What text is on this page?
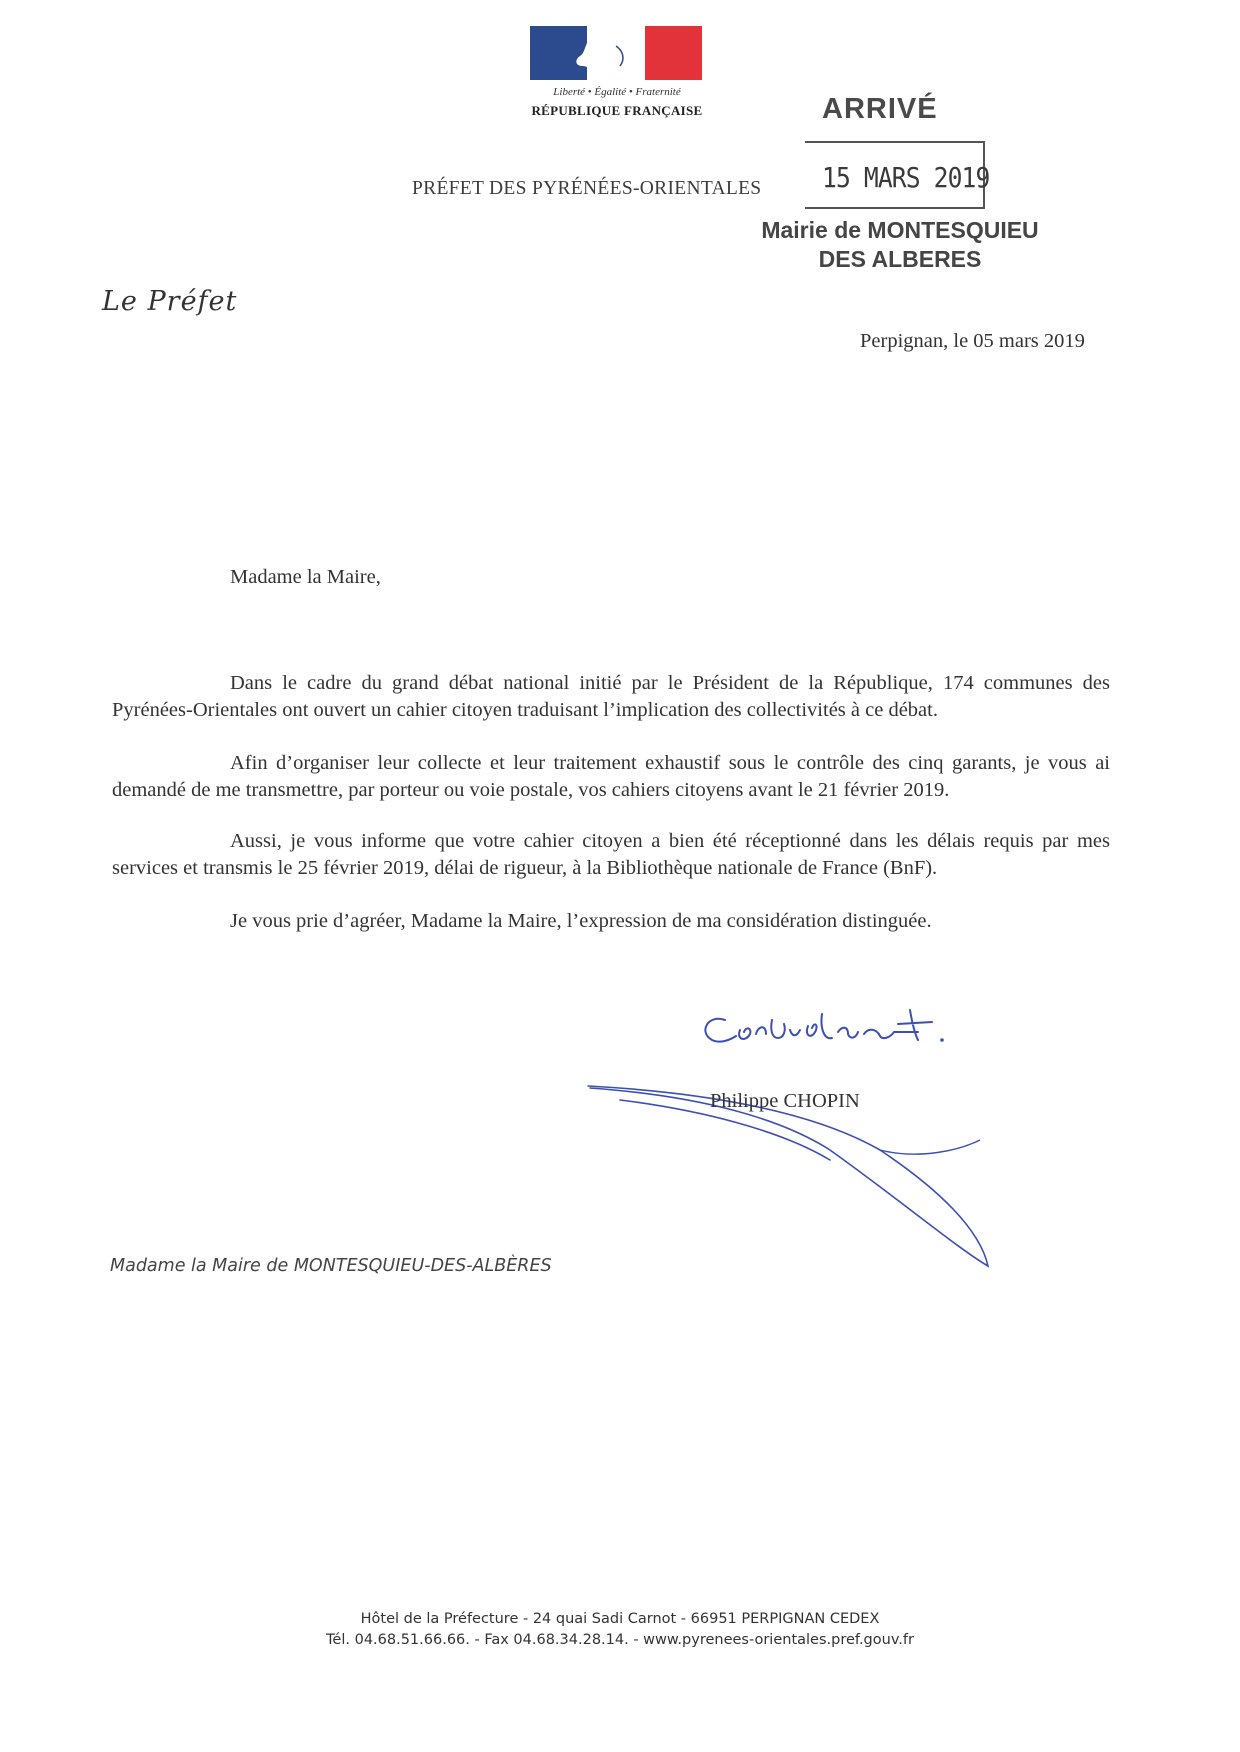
Liberté • Égalité • Fraternité
RÉPUBLIQUE FRANÇAISE
PRÉFET DES PYRÉNÉES-ORIENTALES
ARRIVÉ
15 MARS 2019
Mairie de MONTESQUIEU
DES ALBERES
Le Préfet
Perpignan, le 05 mars 2019
Madame la Maire,

Dans le cadre du grand débat national initié par le Président de la République, 174 communes des Pyrénées-Orientales ont ouvert un cahier citoyen traduisant l’implication des collectivités à ce débat.

Afin d’organiser leur collecte et leur traitement exhaustif sous le contrôle des cinq garants, je vous ai demandé de me transmettre, par porteur ou voie postale, vos cahiers citoyens avant le 21 février 2019.

Aussi, je vous informe que votre cahier citoyen a bien été réceptionné dans les délais requis par mes services et transmis le 25 février 2019, délai de rigueur, à la Bibliothèque nationale de France (BnF).

Je vous prie d’agréer, Madame la Maire, l’expression de ma considération distinguée.

Philippe CHOPIN
Madame la Maire de MONTESQUIEU-DES-ALBÈRES
Hôtel de la Préfecture - 24 quai Sadi Carnot - 66951 PERPIGNAN CEDEX
Tél. 04.68.51.66.66. - Fax 04.68.34.28.14. - www.pyrenees-orientales.pref.gouv.fr
